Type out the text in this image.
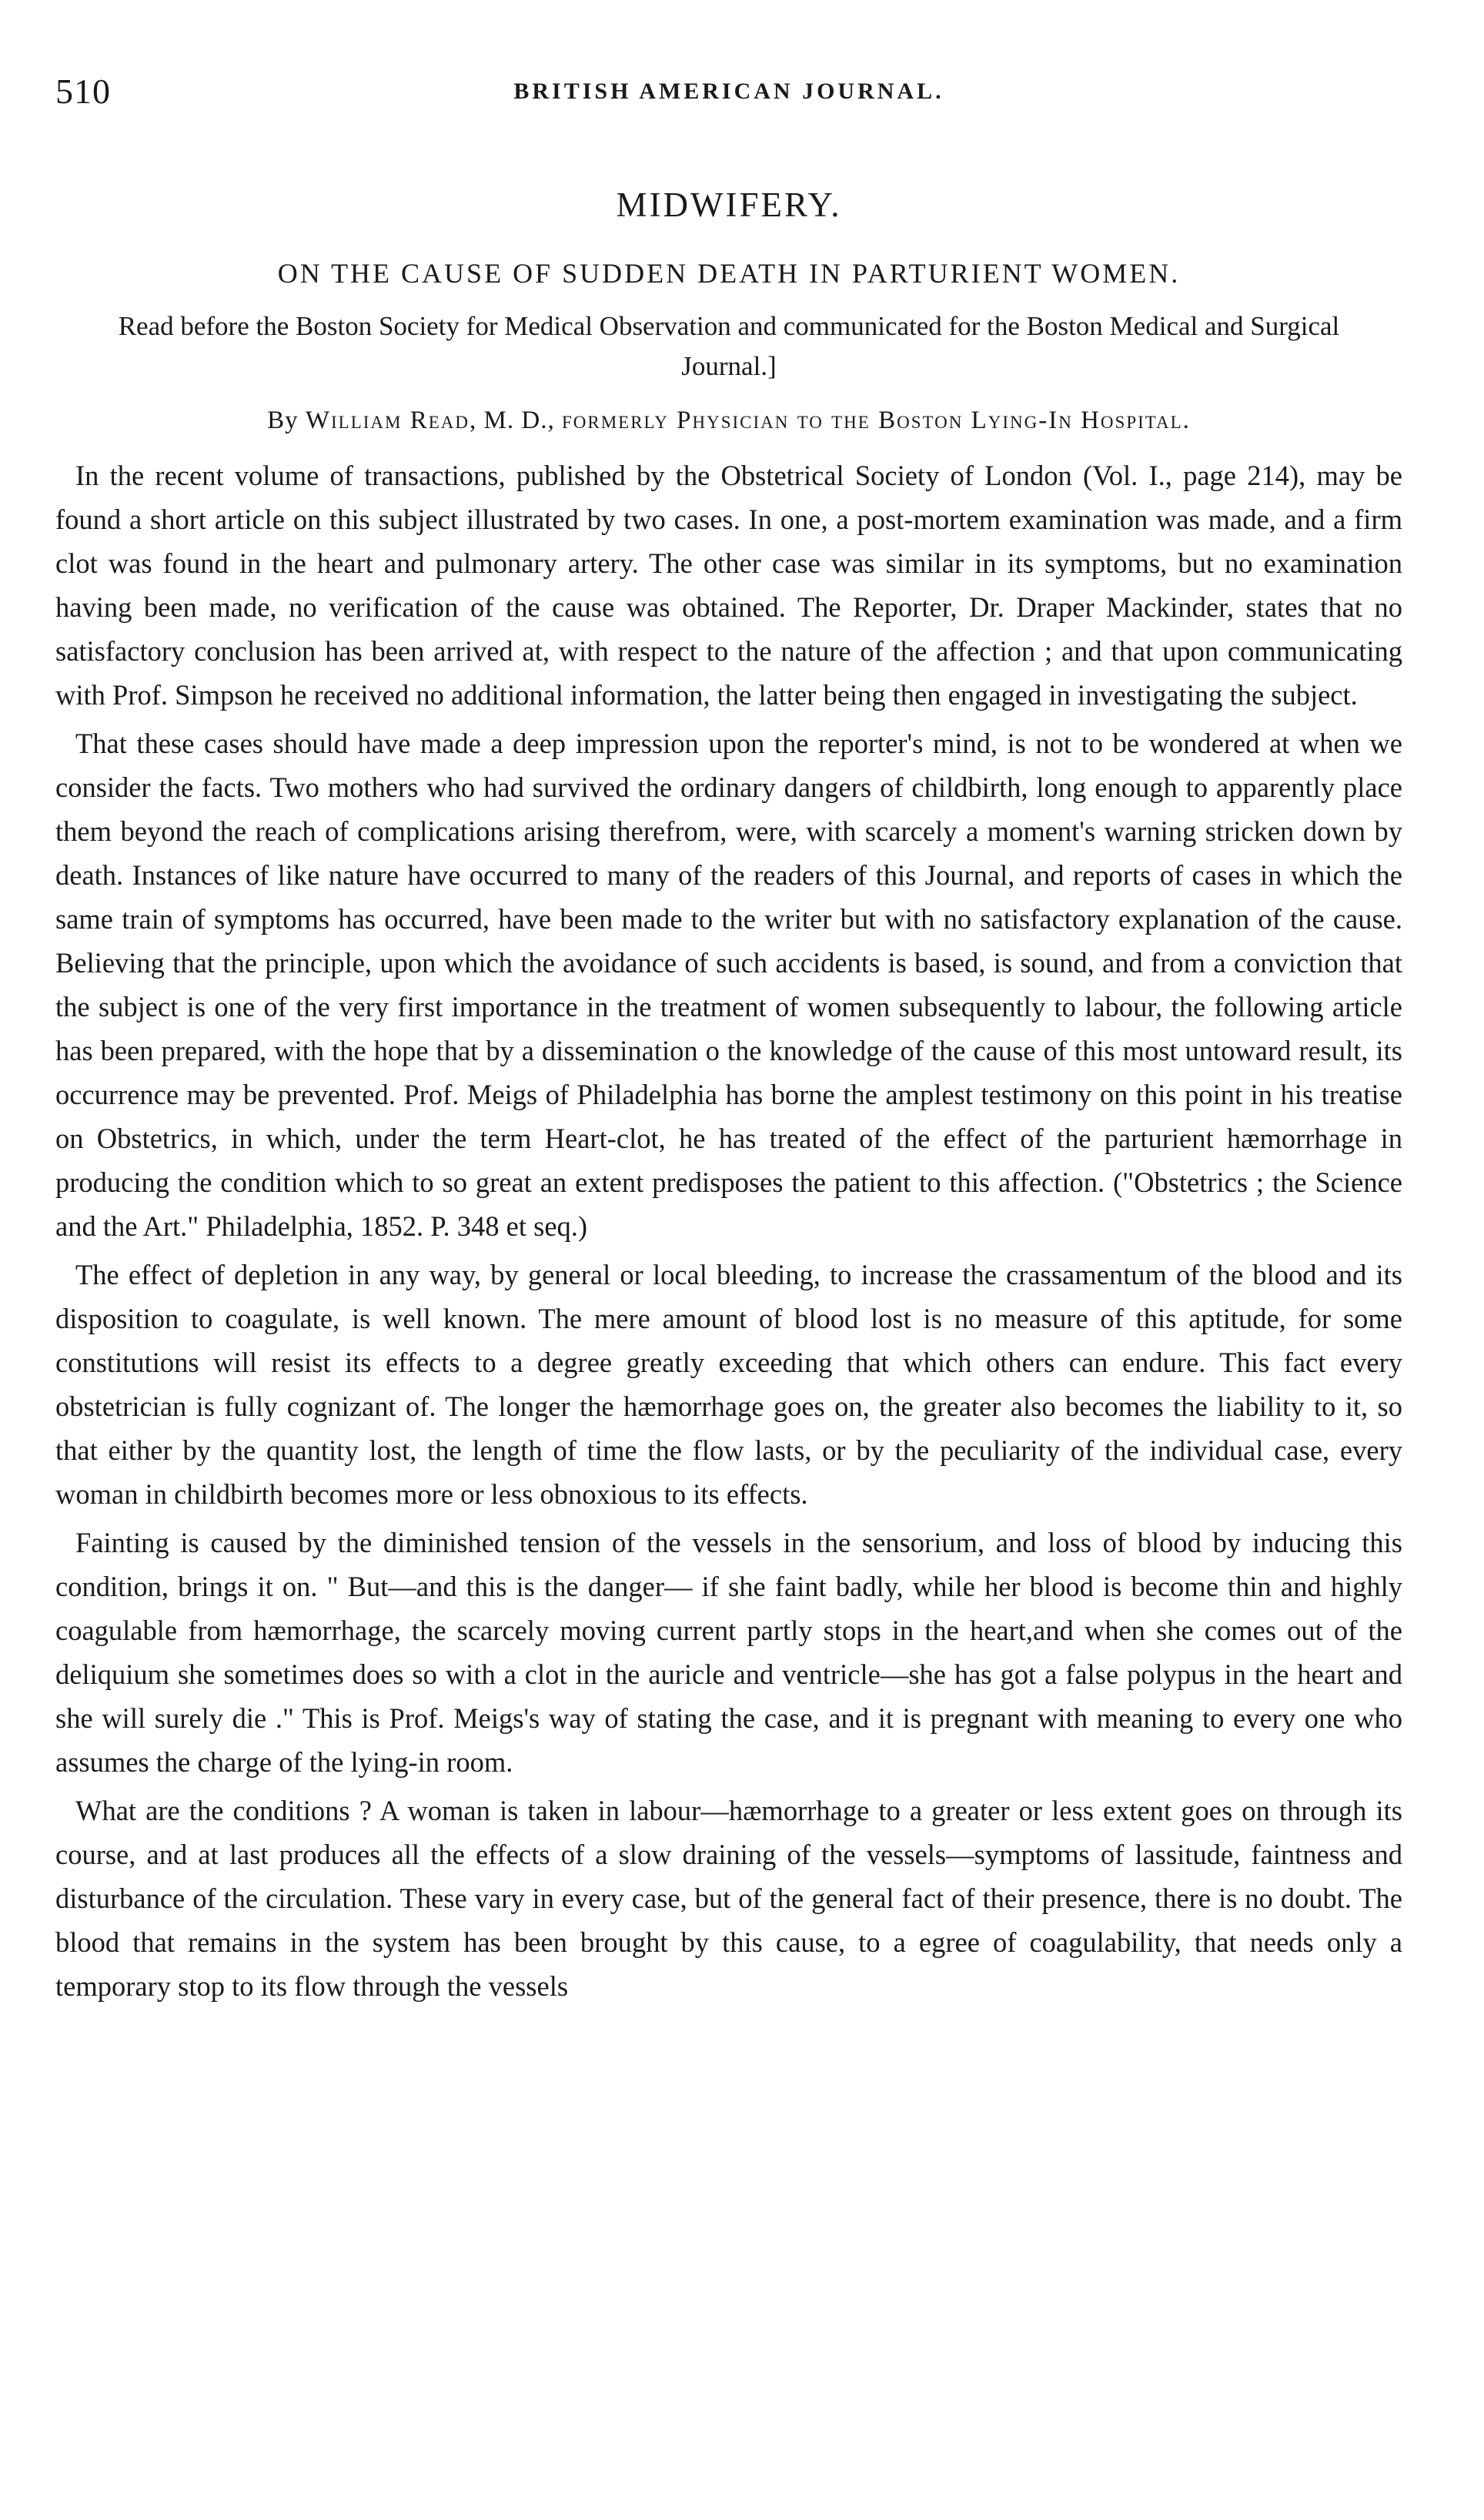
510	BRITISH AMERICAN JOURNAL.
MIDWIFERY.
ON THE CAUSE OF SUDDEN DEATH IN PARTURIENT WOMEN.
Read before the Boston Society for Medical Observation and communicated for the Boston Medical and Surgical Journal.]
By William Read, M. D., formerly Physician to the Boston Lying-In Hospital.

In the recent volume of transactions, published by the Obstetrical Society of London (Vol. I., page 214), may be found a short article on this subject illustrated by two cases. In one, a post-mortem examination was made, and a firm clot was found in the heart and pulmonary artery. The other case was similar in its symptoms, but no examination having been made, no verification of the cause was obtained. The Reporter, Dr. Draper Mackinder, states that no satisfactory conclusion has been arrived at, with respect to the nature of the affection ; and that upon communicating with Prof. Simpson he received no additional information, the latter being then engaged in investigating the subject.

That these cases should have made a deep impression upon the reporter's mind, is not to be wondered at when we consider the facts. Two mothers who had survived the ordinary dangers of childbirth, long enough to apparently place them beyond the reach of complications arising therefrom, were, with scarcely a moment's warning stricken down by death. Instances of like nature have occurred to many of the readers of this Journal, and reports of cases in which the same train of symptoms has occurred, have been made to the writer but with no satisfactory explanation of the cause. Believing that the principle, upon which the avoidance of such accidents is based, is sound, and from a conviction that the subject is one of the very first importance in the treatment of women subsequently to labour, the following article has been prepared, with the hope that by a dissemination o the knowledge of the cause of this most untoward result, its occurrence may be prevented. Prof. Meigs of Philadelphia has borne the amplest testimony on this point in his treatise on Obstetrics, in which, under the term Heart-clot, he has treated of the effect of the parturient hæmorrhage in producing the condition which to so great an extent predisposes the patient to this affection. ("Obstetrics ; the Science and the Art." Philadelphia, 1852. P. 348 et seq.)

The effect of depletion in any way, by general or local bleeding, to increase the crassamentum of the blood and its disposition to coagulate, is well known. The mere amount of blood lost is no measure of this aptitude, for some constitutions will resist its effects to a degree greatly exceeding that which others can endure. This fact every obstetrician is fully cognizant of. The longer the hæmorrhage goes on, the greater also becomes the liability to it, so that either by the quantity lost, the length of time the flow lasts, or by the peculiarity of the individual case, every woman in childbirth becomes more or less obnoxious to its effects.

Fainting is caused by the diminished tension of the vessels in the sensorium, and loss of blood by inducing this condition, brings it on. " But—and this is the danger— if she faint badly, while her blood is become thin and highly coagulable from hæmorrhage, the scarcely moving current partly stops in the heart,and when she comes out of the deliquium she sometimes does so with a clot in the auricle and ventricle—she has got a false polypus in the heart and she will surely die ." This is Prof. Meigs's way of stating the case, and it is pregnant with meaning to every one who assumes the charge of the lying-in room.

What are the conditions ? A woman is taken in labour—hæmorrhage to a greater or less extent goes on through its course, and at last produces all the effects of a slow draining of the vessels—symptoms of lassitude, faintness and disturbance of the circulation. These vary in every case, but of the general fact of their presence, there is no doubt. The blood that remains in the system has been brought by this cause, to a egree of coagulability, that needs only a temporary stop to its flow through the vessels
